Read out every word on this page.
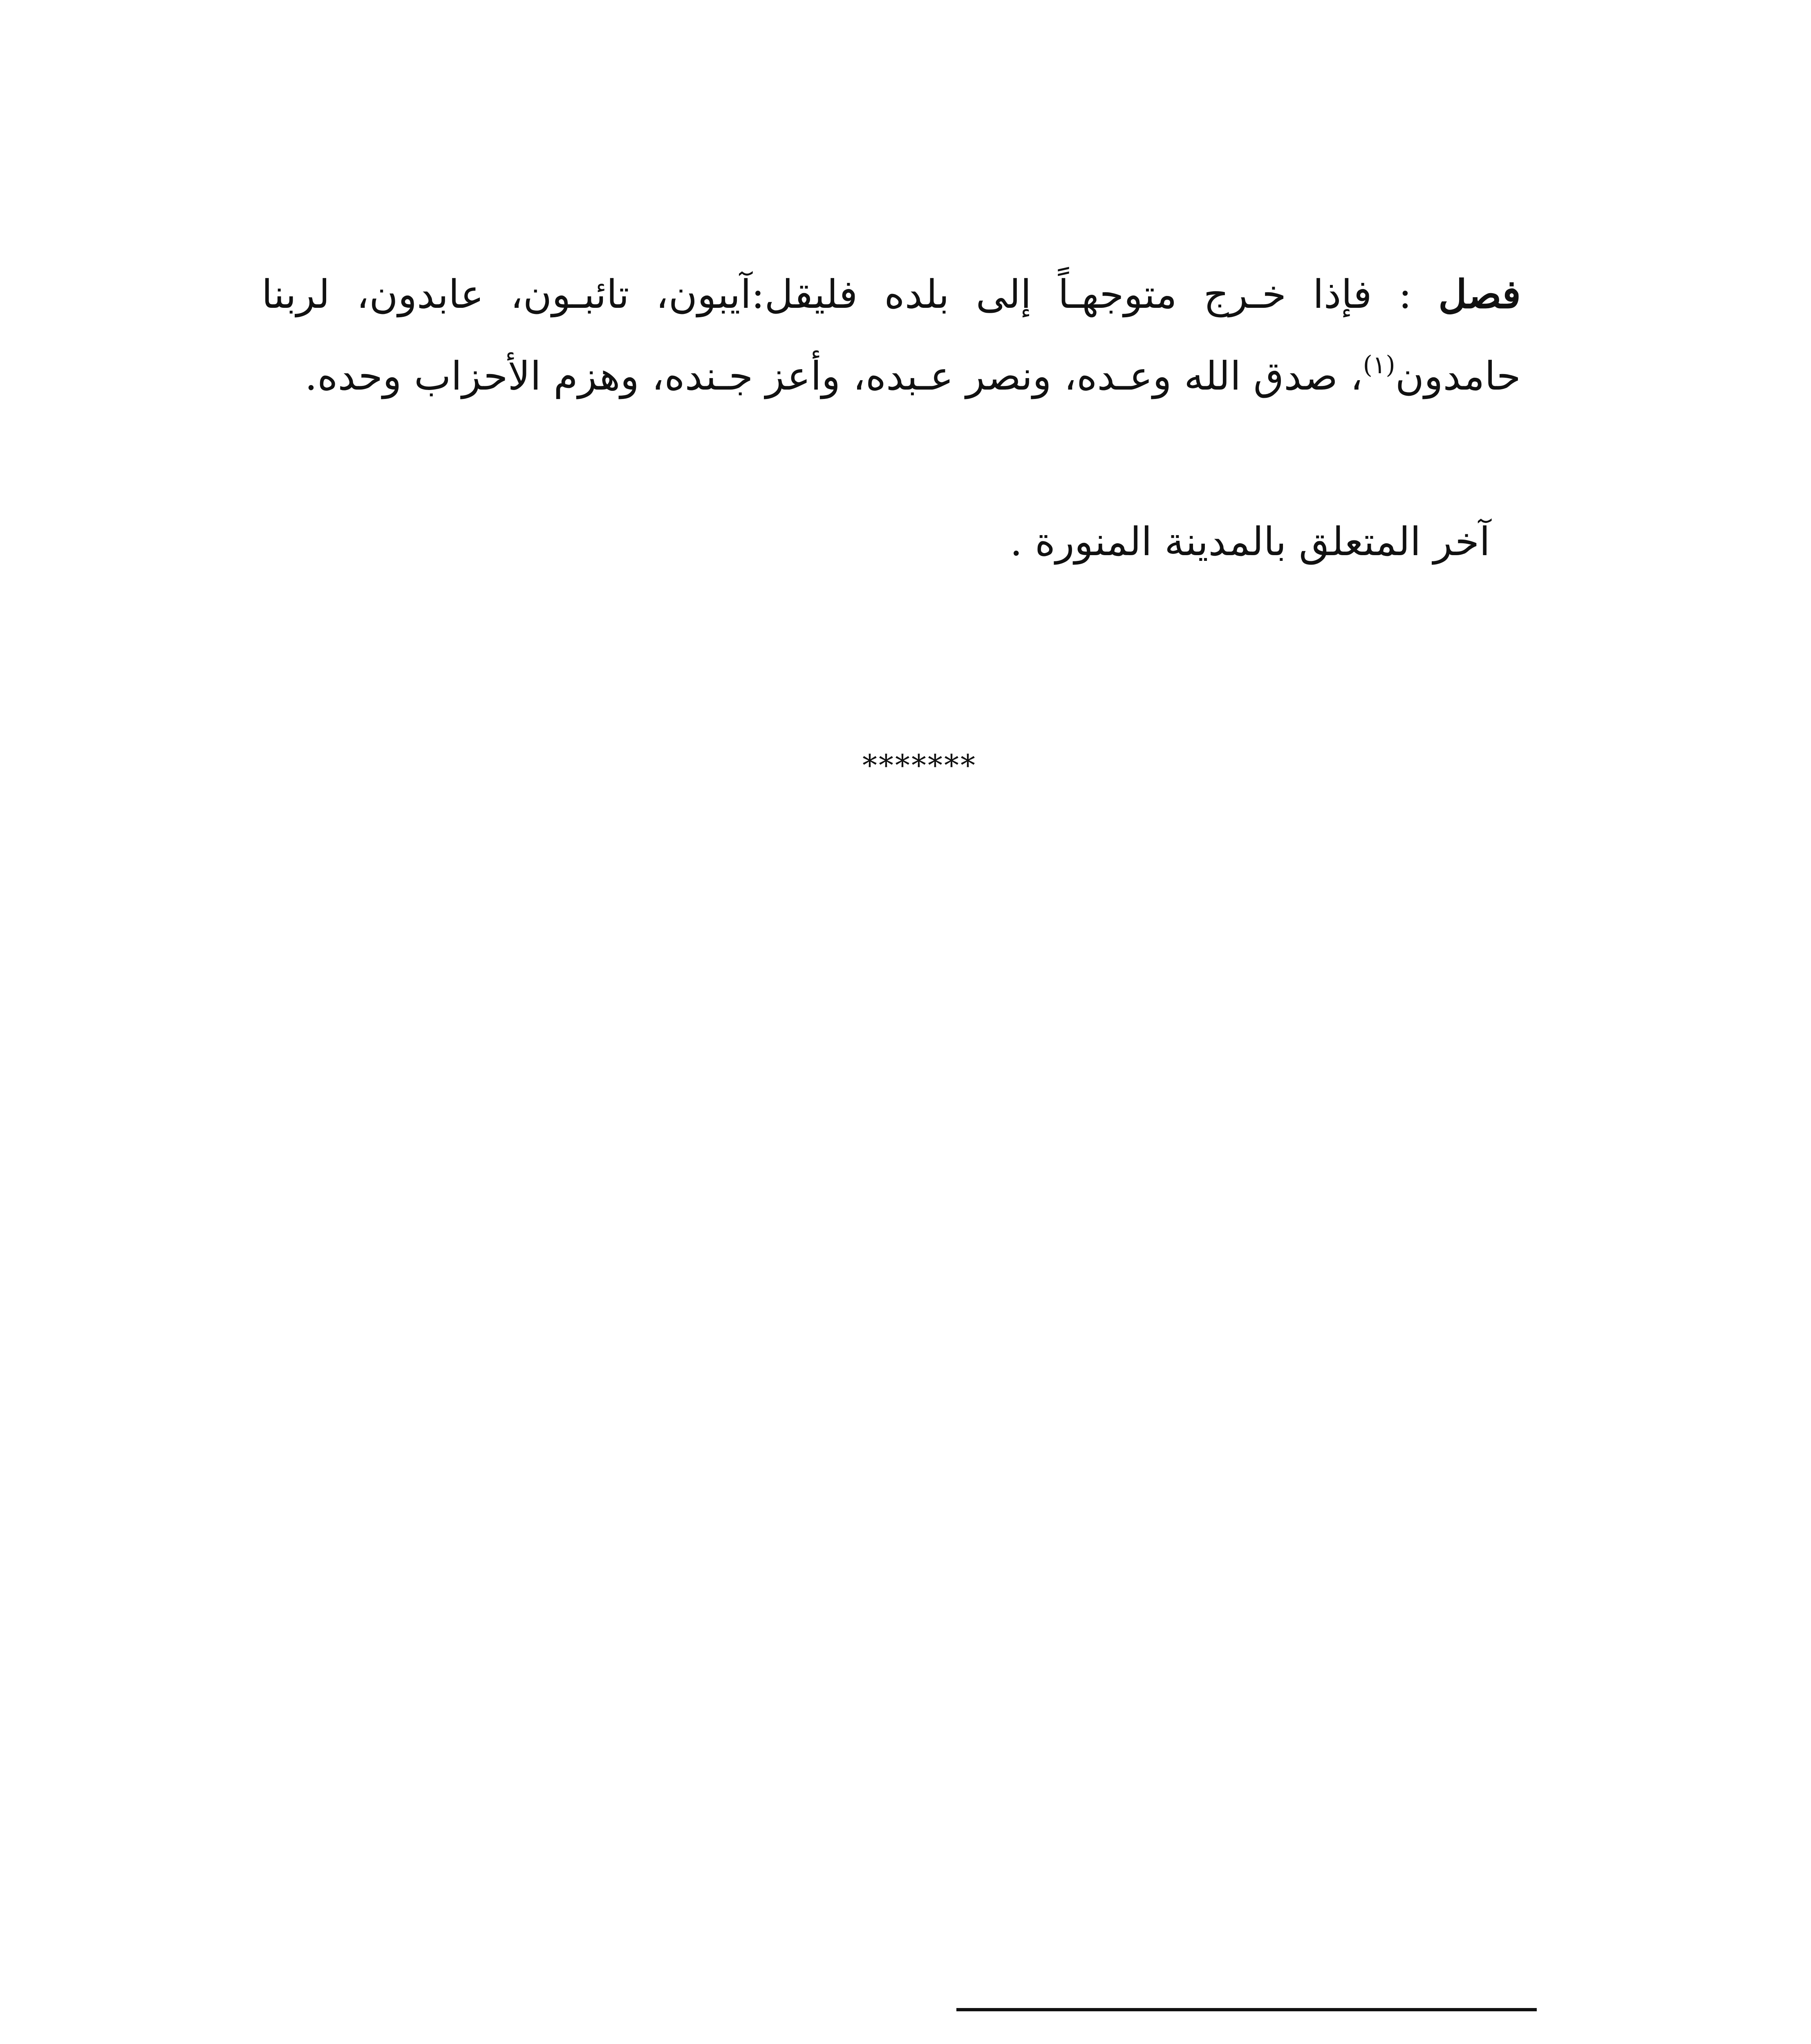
فصل : فإذا خـرج متوجهـاً إلى بلده فليقل:آيبون، تائبـون، عابدون، لربنا حامدون$^{(١)}$، صدق الله وعـده، ونصر عـبده، وأعز جـنده، وهزم الأحزاب وحده.

آخر المتعلق بالمدينة المنورة .
*******
